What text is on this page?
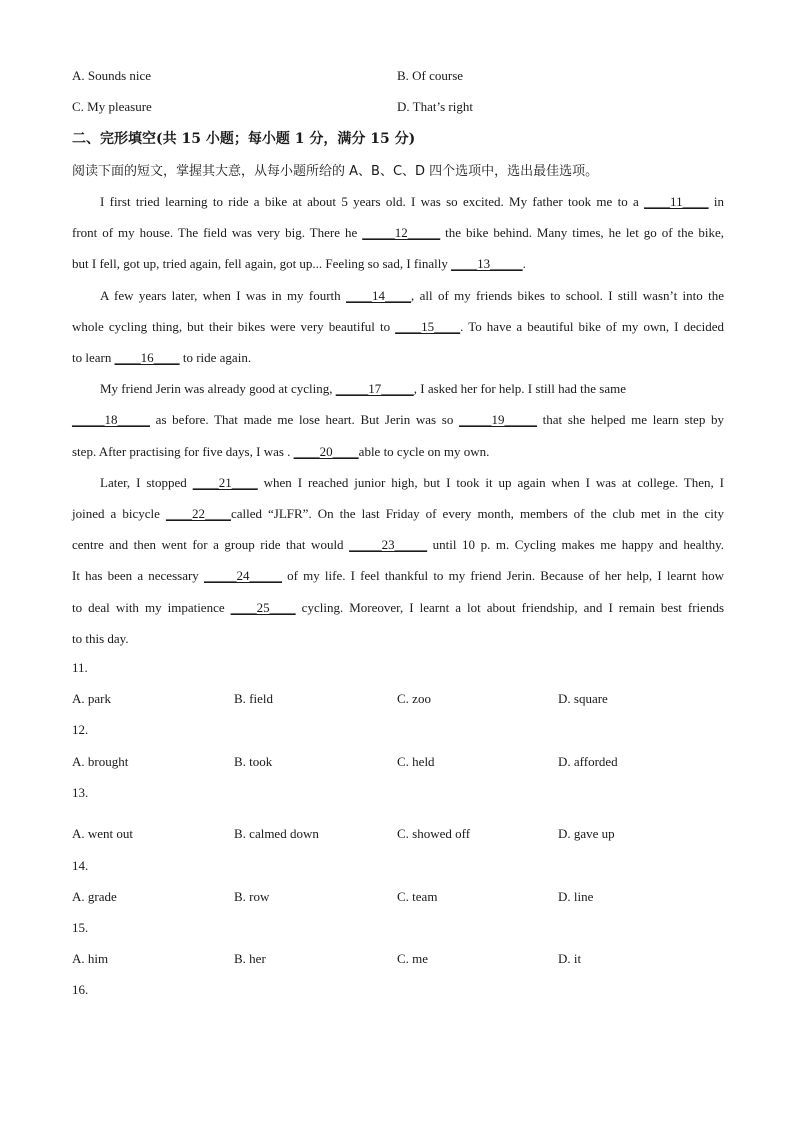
A. Sounds nice	B. Of course
C. My pleasure	D. That’s right
二、完形填空(共 15 小题；每小题 1 分，满分 15 分)
阅读下面的短文，掌握其大意，从每小题所给的 A、B、C、D 四个选项中，选出最佳选项。
I first tried learning to ride a bike at about 5 years old. I was so excited. My father took me to a ____11____ in
front of my house. The field was very big. There he _____12_____ the bike behind. Many times, he let go of the bike,
but I fell, got up, tried again, fell again, got up... Feeling so sad, I finally ____13_____.
A few years later, when I was in my fourth ____14____, all of my friends bikes to school. I still wasn’t into the
whole cycling thing, but their bikes were very beautiful to ____15____. To have a beautiful bike of my own, I decided
to learn ____16____ to ride again.
My friend Jerin was already good at cycling, _____17_____, I asked her for help. I still had the same
_____18_____ as before. That made me lose heart. But Jerin was so _____19_____ that she helped me learn step by
step. After practising for five days, I was . ____20____able to cycle on my own.
Later, I stopped ____21____ when I reached junior high, but I took it up again when I was at college. Then, I
joined a bicycle ____22____called “JLFR”. On the last Friday of every month, members of the club met in the city
centre and then went for a group ride that would _____23_____ until 10 p. m. Cycling makes me happy and healthy.
It has been a necessary _____24_____ of my life. I feel thankful to my friend Jerin. Because of her help, I learnt how
to deal with my impatience ____25____ cycling. Moreover, I learnt a lot about friendship, and I remain best friends
to this day.
11.
A. park	B. field	C. zoo	D. square
12.
A. brought	B. took	C. held	D. afforded
13.
A. went out	B. calmed down	C. showed off	D. gave up
14.
A. grade	B. row	C. team	D. line
15.
A. him	B. her	C. me	D. it
16.
